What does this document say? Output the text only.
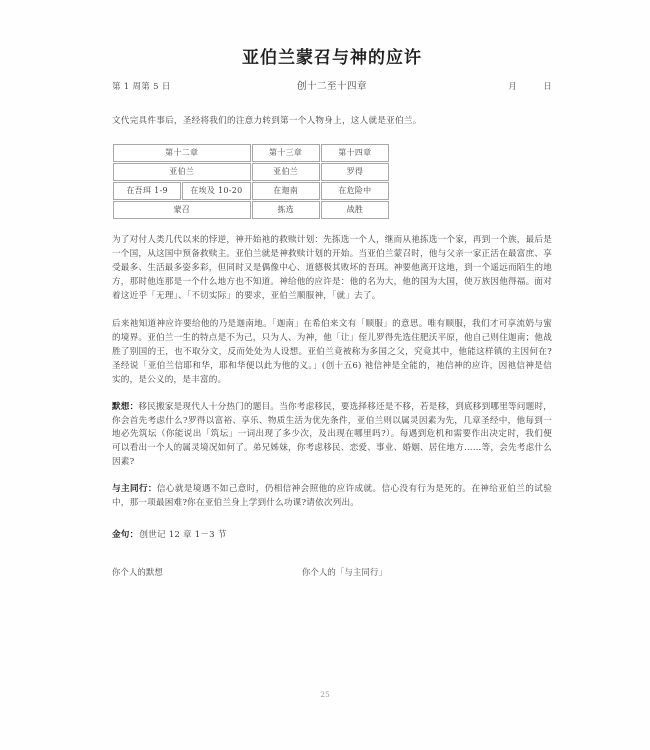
亚伯兰蒙召与神的应许
第 1 周第 5 日	创十二至十四章	月	日

文代完具件事后，圣经将我们的注意力转到第一个人物身上，这人就是亚伯兰。

第十二章		第十三章	第十四章
亚伯兰		亚伯兰	罗得
在吾珥 1-9	在埃及 10-20	在迦南	在危险中
蒙召		拣选	战胜

为了对付人类几代以来的悖逆，神开始祂的救赎计划：先拣选一个人，继而从祂拣选一个家，再到一个族，最后是一个国，从这国中预备救赎主。亚伯兰就是神救赎计划的开始。当亚伯兰蒙召时，他与父亲一家正活在最富庶、享受最多、生活最多姿多彩，但同时又是偶像中心、道德极其败坏的吾珥。神要他离开这地，到一个遥远而陌生的地方，那时他连那是一个什么地方也不知道。神给他的应许是：他的名为大，他的国为大国，使万族因他得福。面对着这近乎「无理」、「不切实际」的要求，亚伯兰顺服神，「就」去了。

后来祂知道神应许要给他的乃是迦南地。「迦南」在希伯来文有「顺服」的意思。唯有顺服，我们才可享流奶与蜜的境界。亚伯兰一生的特点是不为己，只为人、为神，他「让」侄儿罗得先选住肥沃平原，他自己则住迦南；他战胜了别国的王，也不取分文，反而处处为人设想。亚伯兰竟被称为多国之父，究竟其中，他能这样镇的主因何在?圣经说「亚伯兰信耶和华，耶和华便以此为他的义。」(创十五6) 祂信神是全能的，祂信神的应许，因祂信神是信实的，是公义的，是丰富的。

默想：移民搬家是现代人十分热门的题目。当你考虑移民，要选择移还是不移，若是移，到底移到哪里等问题时，你会首先考虑什么?罗得以富裕、享乐、物质生活为优先条件，亚伯兰则以属灵因素为先，几章圣经中，他每到一地必先筑坛（你能说出「筑坛」一词出现了多少次，及出现在哪里吗?）。每遇到危机和需要作出决定时，我们便可以看出一个人的属灵境况如何了。弟兄姊妹，你考虑移民、恋爱、事业、婚姻、居住地方……等，会先考虑什么因素?

与主同行：信心就是境遇不如己意时，仍相信神会照他的应许成就。信心没有行为是死的。在神给亚伯兰的试验中，那一项最困难?你在亚伯兰身上学到什么功课?请依次列出。

金句：创世记 12 章 1－3 节

你个人的默想	你个人的「与主同行」
25
